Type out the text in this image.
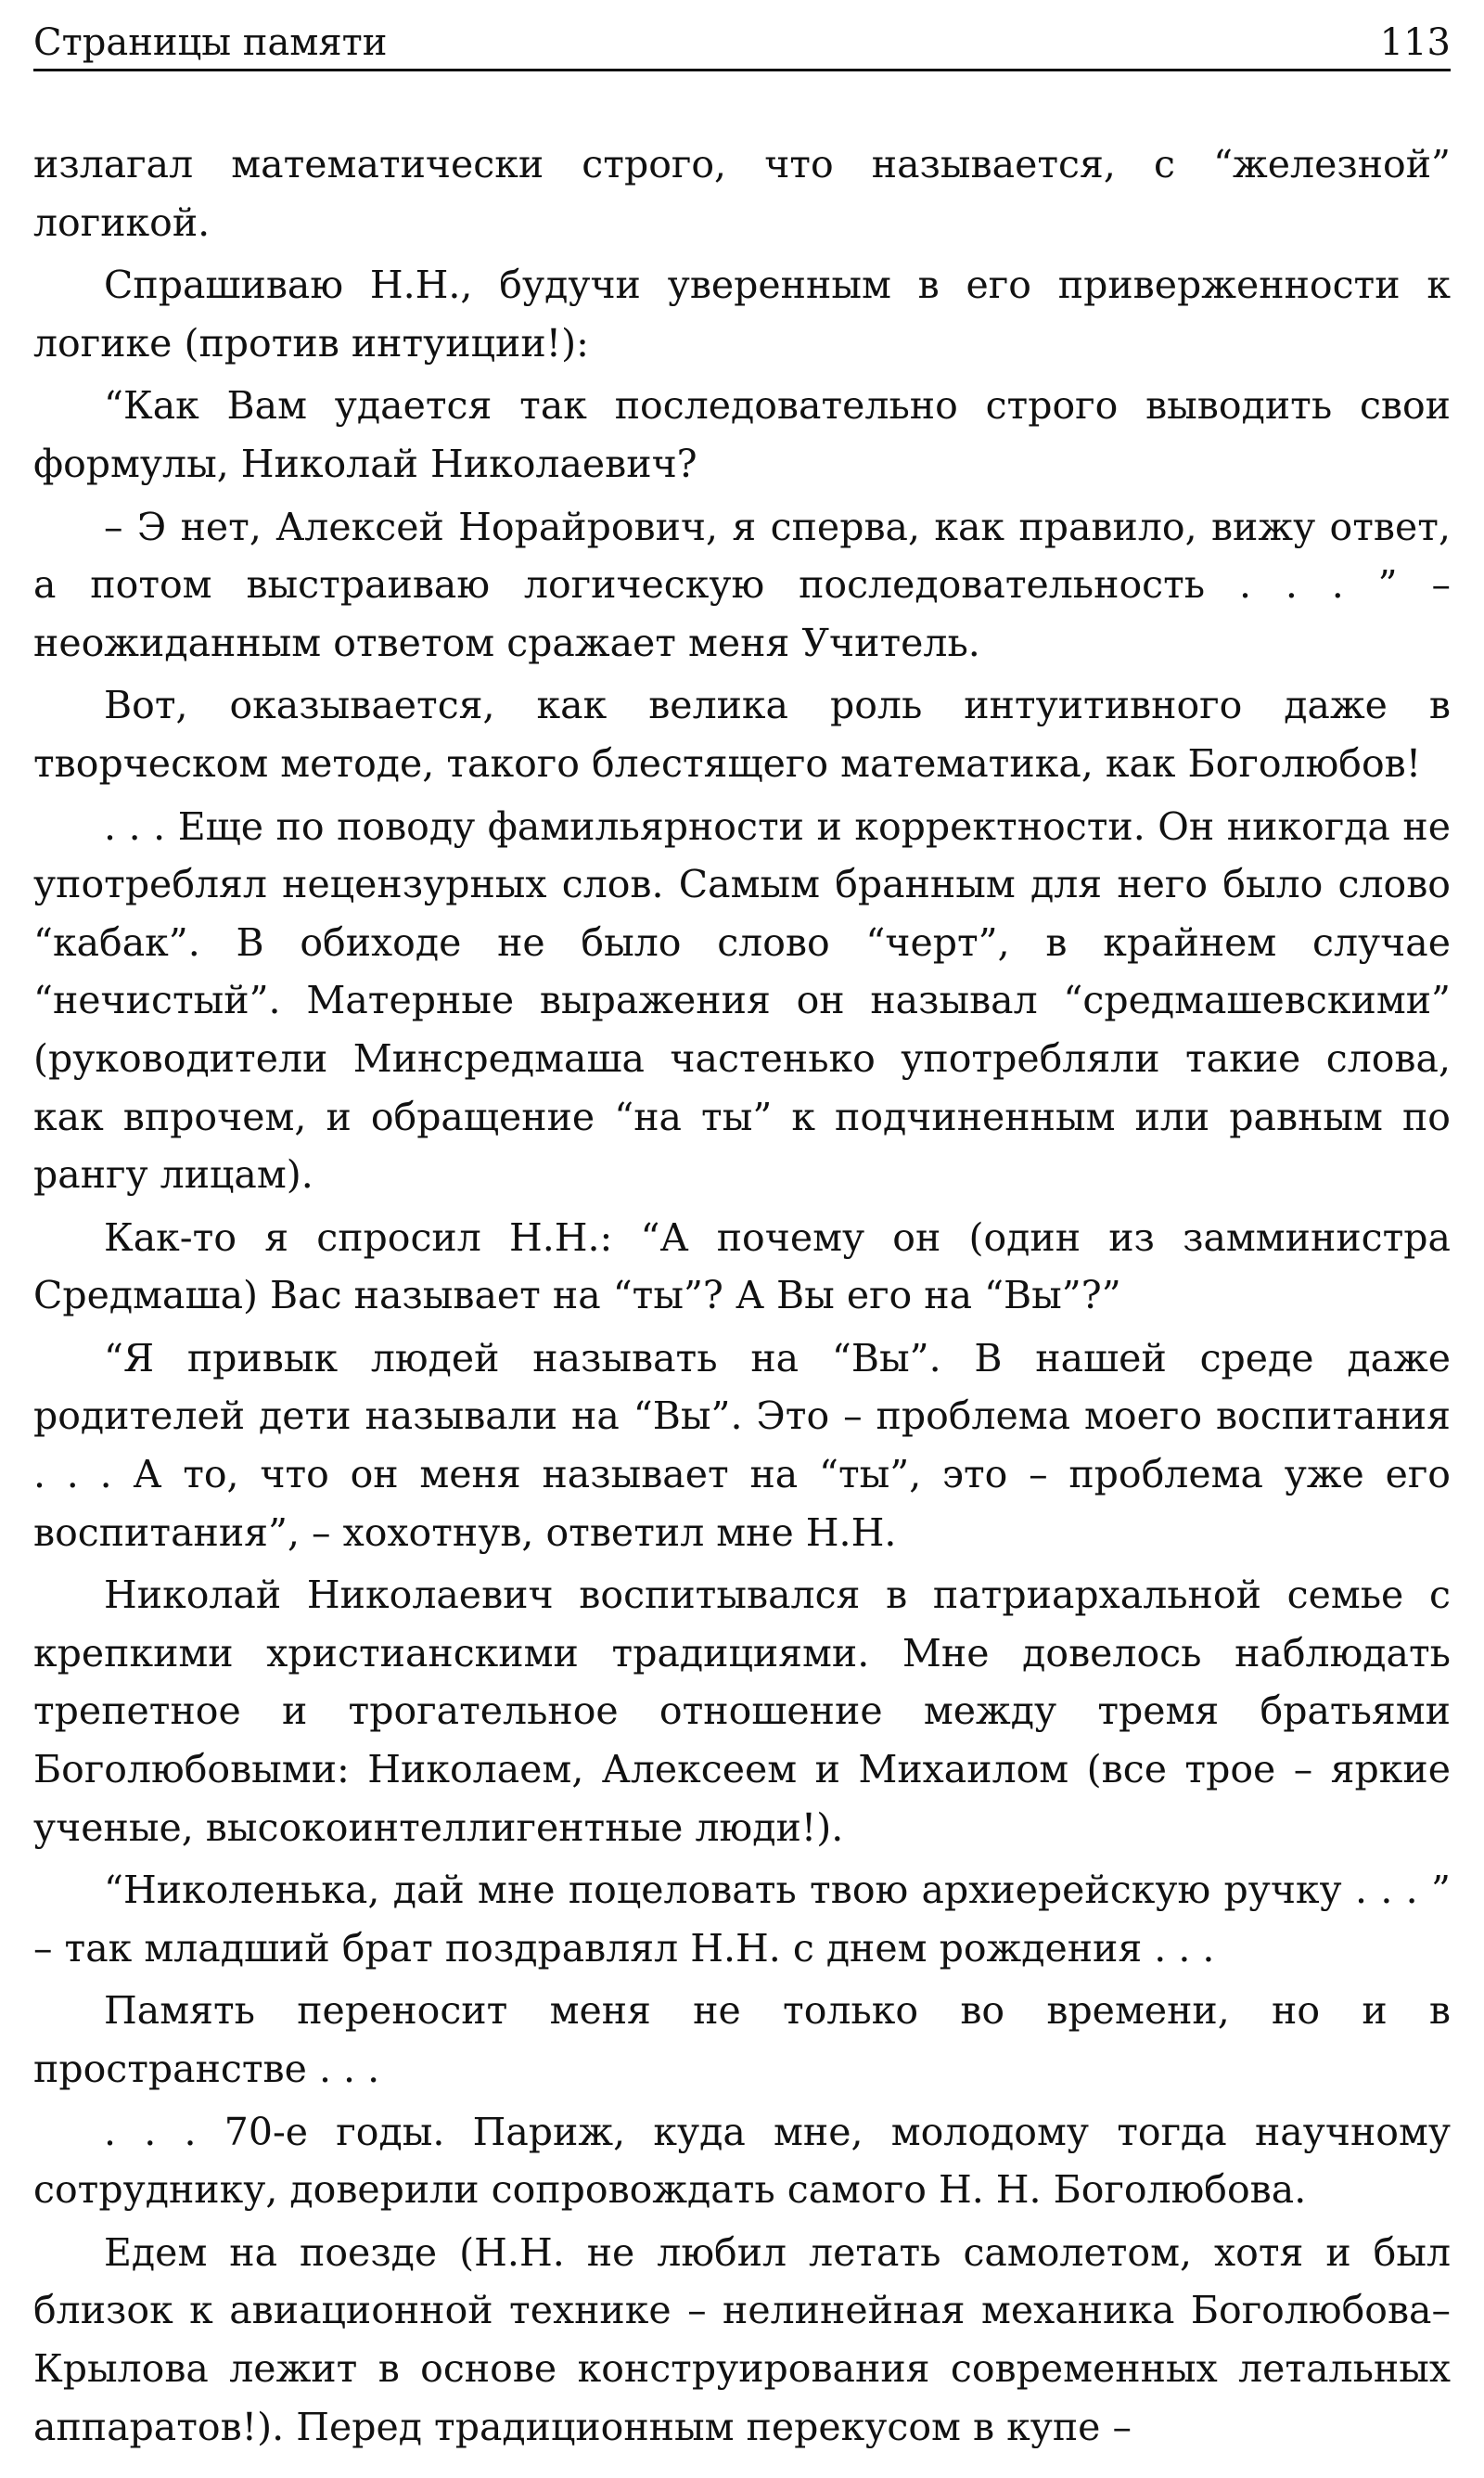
Страницы памяти	113

излагал математически строго, что называется, с “железной” логикой.

Спрашиваю Н.Н., будучи уверенным в его приверженности к логике (против интуиции!):

“Как Вам удается так последовательно строго выводить свои формулы, Николай Николаевич?

– Э нет, Алексей Норайрович, я сперва, как правило, вижу ответ, а потом выстраиваю логическую последовательность . . . ” – неожиданным ответом сражает меня Учитель.

Вот, оказывается, как велика роль интуитивного даже в творческом методе, такого блестящего математика, как Боголюбов!

. . . Еще по поводу фамильярности и корректности. Он никогда не употреблял нецензурных слов. Самым бранным для него было слово “кабак”. В обиходе не было слово “черт”, в крайнем случае “нечистый”. Матерные выражения он называл “средмашевскими” (руководители Минсредмаша частенько употребляли такие слова, как впрочем, и обращение “на ты” к подчиненным или равным по рангу лицам).

Как-то я спросил Н.Н.: “А почему он (один из замминистра Средмаша) Вас называет на “ты”? А Вы его на “Вы”?”

“Я привык людей называть на “Вы”. В нашей среде даже родителей дети называли на “Вы”. Это – проблема моего воспитания . . . А то, что он меня называет на “ты”, это – проблема уже его воспитания”, – хохотнув, ответил мне Н.Н.

Николай Николаевич воспитывался в патриархальной семье с крепкими христианскими традициями. Мне довелось наблюдать трепетное и трогательное отношение между тремя братьями Боголюбовыми: Николаем, Алексеем и Михаилом (все трое – яркие ученые, высокоинтеллигентные люди!).

“Николенька, дай мне поцеловать твою архиерейскую ручку . . . ” – так младший брат поздравлял Н.Н. с днем рождения . . .

Память переносит меня не только во времени, но и в пространстве . . .

. . . 70-е годы. Париж, куда мне, молодому тогда научному сотруднику, доверили сопровождать самого Н. Н. Боголюбова.

Едем на поезде (Н.Н. не любил летать самолетом, хотя и был близок к авиационной технике – нелинейная механика Боголюбова–Крылова лежит в основе конструирования современных летальных аппаратов!). Перед традиционным перекусом в купе –
